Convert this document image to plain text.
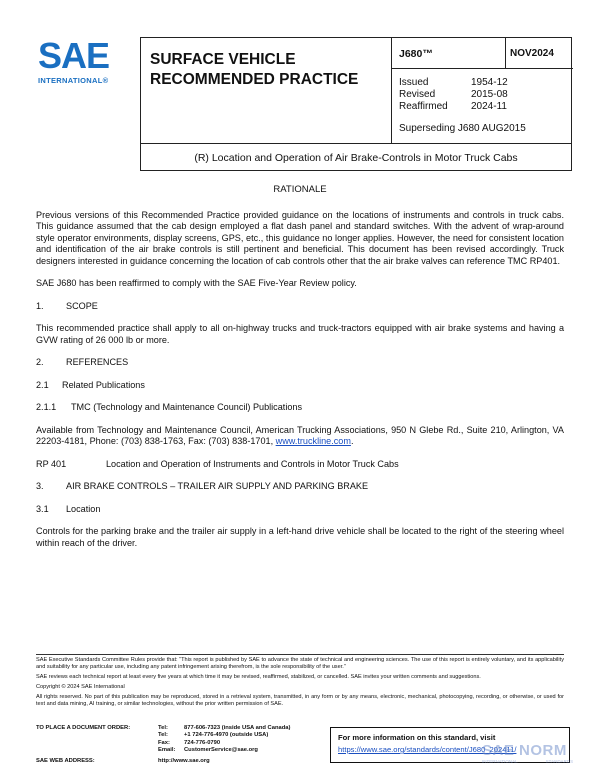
SAE
INTERNATIONAL®
SURFACE VEHICLE
RECOMMENDED PRACTICE
J680™	NOV2024
Issued	1954-12
Revised	2015-08
Reaffirmed	2024-11
Superseding J680 AUG2015
(R) Location and Operation of Air Brake-Controls in Motor Truck Cabs
RATIONALE

Previous versions of this Recommended Practice provided guidance on the locations of instruments and controls in truck cabs. This guidance assumed that the cab design employed a flat dash panel and standard switches. With the advent of wrap-around style operator environments, display screens, GPS, etc., this guidance no longer applies. However, the need for consistent location and identification of the air brake controls is still pertinent and beneficial. This document has been revised accordingly. Truck designers interested in guidance concerning the location of cab controls other that the air brake valves can reference TMC RP401.

SAE J680 has been reaffirmed to comply with the SAE Five-Year Review policy.

1.	SCOPE

This recommended practice shall apply to all on-highway trucks and truck-tractors equipped with air brake systems and having a GVW rating of 26 000 lb or more.

2.	REFERENCES
2.1	Related Publications
2.1.1	TMC (Technology and Maintenance Council) Publications

Available from Technology and Maintenance Council, American Trucking Associations, 950 N Glebe Rd., Suite 210, Arlington, VA 22203-4181, Phone: (703) 838-1763, Fax: (703) 838-1701, www.truckline.com.

RP 401	Location and Operation of Instruments and Controls in Motor Truck Cabs
3.	AIR BRAKE CONTROLS – TRAILER AIR SUPPLY AND PARKING BRAKE
3.1	Location

Controls for the parking brake and the trailer air supply in a left-hand drive vehicle shall be located to the right of the steering wheel within reach of the driver.

SAE Executive Standards Committee Rules provide that: “This report is published by SAE to advance the state of technical and engineering sciences. The use of this report is entirely voluntary, and its applicability and suitability for any particular use, including any patent infringement arising therefrom, is the sole responsibility of the user.”

SAE reviews each technical report at least every five years at which time it may be revised, reaffirmed, stabilized, or cancelled. SAE invites your written comments and suggestions.

Copyright © 2024 SAE International

All rights reserved. No part of this publication may be reproduced, stored in a retrieval system, transmitted, in any form or by any means, electronic, mechanical, photocopying, recording, or otherwise, or used for text and data mining, AI training, or similar technologies, without the prior written permission of SAE.

TO PLACE A DOCUMENT ORDER:	Tel:	877-606-7323 (inside USA and Canada)
Tel:	+1 724-776-4970 (outside USA)
Fax:	724-776-0790
Email:	CustomerService@sae.org
SAE WEB ADDRESS:	http://www.sae.org
For more information on this standard, visit
https://www.sae.org/standards/content/J680_202411/
SAE NORM
INTERNATIONAL	STANDARDS
